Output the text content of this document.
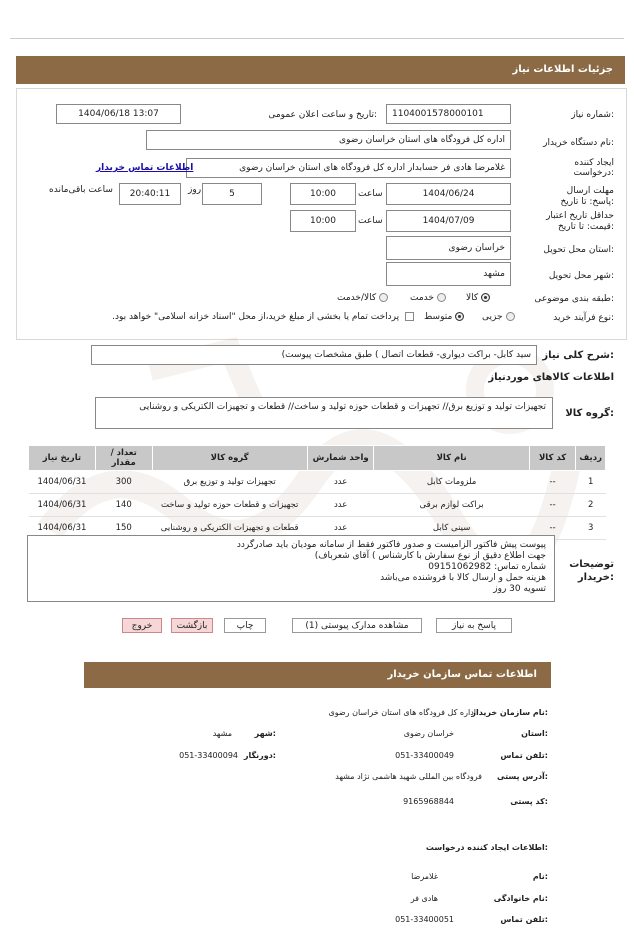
جزئیات اطلاعات نیاز
شماره نیاز:
1104001578000101
تاریخ و ساعت اعلان عمومی:
1404/06/18 13:07
نام دستگاه خریدار:
اداره کل فرودگاه های استان خراسان رضوی
ایجاد کننده درخواست:
غلامرضا هادی فر حسابدار اداره کل فرودگاه های استان خراسان رضوی
اطلاعات تماس خریدار
مهلت ارسال پاسخ: تا تاریخ:
1404/06/24
ساعت
10:00
5
روز
20:40:11
ساعت باقی‌مانده
حداقل تاریخ اعتبار قیمت: تا تاریخ:
1404/07/09
ساعت
10:00
استان محل تحویل:
خراسان رضوی
شهر محل تحویل:
مشهد
طبقه بندی موضوعی:
کالا
خدمت
کالا/خدمت
نوع فرآیند خرید:
جزیی
متوسط
پرداخت تمام یا بخشی از مبلغ خرید،از محل "اسناد خزانه اسلامی" خواهد بود.
شرح کلی نیاز:
سید کابل- براکت دیواری- قطعات اتصال ) طبق مشخصات پیوست)
اطلاعات کالاهای موردنیاز
گروه کالا:
تجهیزات تولید و توزیع برق// تجهیزات و قطعات حوزه تولید و ساخت// قطعات و تجهیزات الکتریکی و روشنایی
ردیف	کد کالا	نام کالا	واحد شمارش	گروه کالا	تعداد / مقدار	تاریخ نیاز
1	--	ملزومات کابل	عدد	تجهیزات تولید و توزیع برق	300	1404/06/31
2	--	براکت لوازم برقی	عدد	تجهیزات و قطعات حوزه تولید و ساخت	140	1404/06/31
3	--	سینی کابل	عدد	قطعات و تجهیزات الکتریکی و روشنایی	150	1404/06/31
توضیحات خریدار:
پیوست پیش فاکتور الزامیست و صدور فاکتور فقط از سامانه مودیان باید صادرگردد
جهت اطلاع دقیق از نوع سفارش با کارشناس ) آقای شعرباف)
شماره تماس: 09151062982
هزینه حمل و ارسال کالا با فروشنده می‌باشد
تسویه 30 روز
پاسخ به نیاز
مشاهده مدارک پیوستی (1)
چاپ
بازگشت
خروج
اطلاعات تماس سازمان خریدار
نام سازمان خریدار:
اداره کل فرودگاه های استان خراسان رضوی
استان:
خراسان رضوی
شهر:
مشهد
تلفن تماس:
051-33400049
دورنگار:
051-33400094
آدرس پستی:
فرودگاه بین المللی شهید هاشمی نژاد مشهد
کد پستی:
9165968844
اطلاعات ایجاد کننده درخواست:
نام:
غلامرضا
نام خانوادگی:
هادی فر
تلفن تماس:
051-33400051
